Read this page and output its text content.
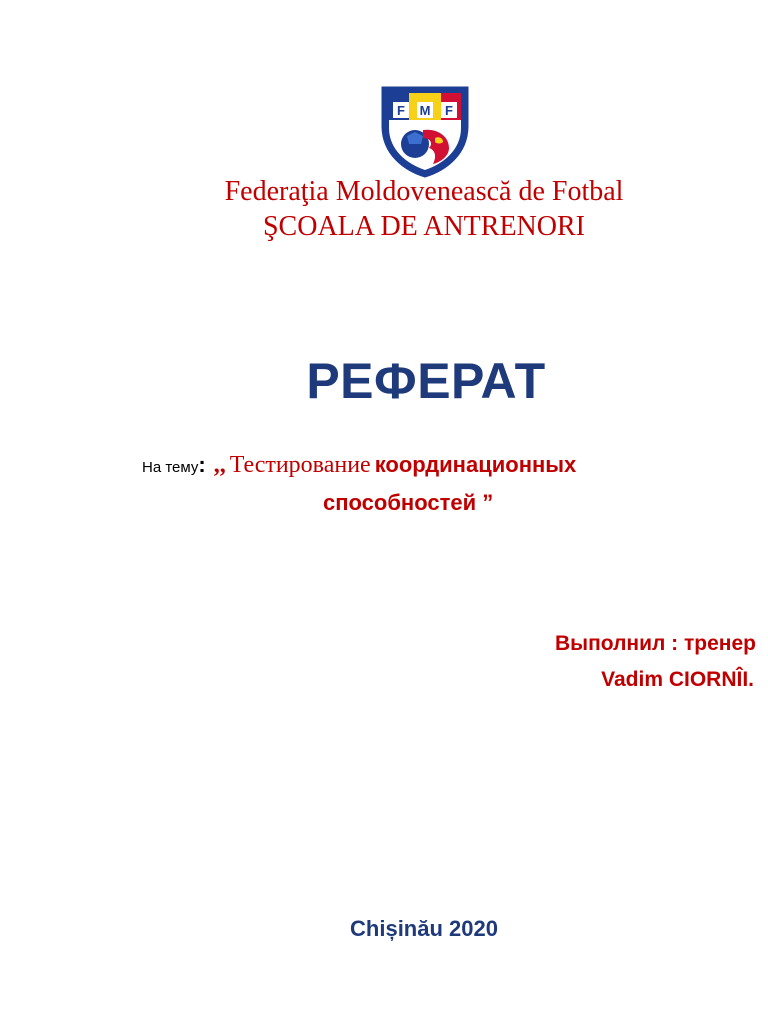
F M F
Federaţia Moldovenească de Fotbal
ŞCOALA DE ANTRENORI
РЕФЕРАТ
На тему: ,, Тестирование координационных
способностей ”
Выполнил : тренер
Vadim CIORNÎI.
Chișinău 2020
